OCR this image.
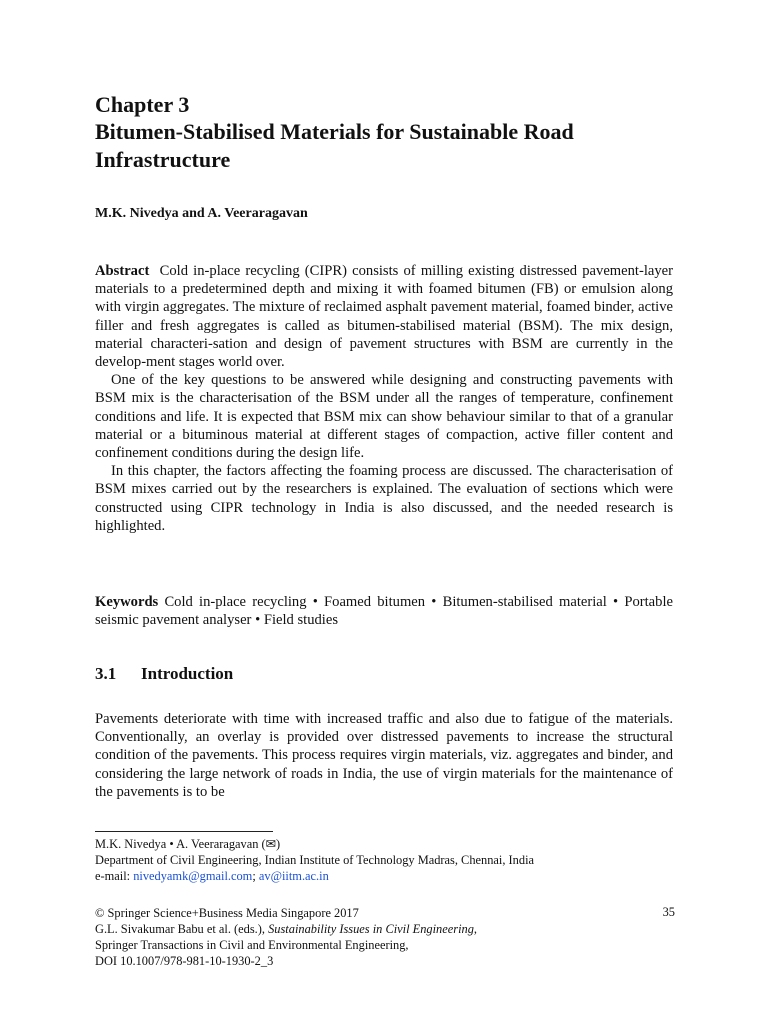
Chapter 3
Bitumen-Stabilised Materials for Sustainable Road Infrastructure
M.K. Nivedya and A. Veeraragavan

Abstract Cold in-place recycling (CIPR) consists of milling existing distressed pavement-layer materials to a predetermined depth and mixing it with foamed bitumen (FB) or emulsion along with virgin aggregates. The mixture of reclaimed asphalt pavement material, foamed binder, active filler and fresh aggregates is called as bitumen-stabilised material (BSM). The mix design, material characteri-sation and design of pavement structures with BSM are currently in the develop-ment stages world over.

One of the key questions to be answered while designing and constructing pavements with BSM mix is the characterisation of the BSM under all the ranges of temperature, confinement conditions and life. It is expected that BSM mix can show behaviour similar to that of a granular material or a bituminous material at different stages of compaction, active filler content and confinement conditions during the design life.

In this chapter, the factors affecting the foaming process are discussed. The characterisation of BSM mixes carried out by the researchers is explained. The evaluation of sections which were constructed using CIPR technology in India is also discussed, and the needed research is highlighted.

Keywords Cold in-place recycling • Foamed bitumen • Bitumen-stabilised material • Portable seismic pavement analyser • Field studies
3.1 Introduction

Pavements deteriorate with time with increased traffic and also due to fatigue of the materials. Conventionally, an overlay is provided over distressed pavements to increase the structural condition of the pavements. This process requires virgin materials, viz. aggregates and binder, and considering the large network of roads in India, the use of virgin materials for the maintenance of the pavements is to be

M.K. Nivedya • A. Veeraragavan (✉)
Department of Civil Engineering, Indian Institute of Technology Madras, Chennai, India
e-mail: nivedyamk@gmail.com; av@iitm.ac.in
© Springer Science+Business Media Singapore 2017
G.L. Sivakumar Babu et al. (eds.), Sustainability Issues in Civil Engineering,
Springer Transactions in Civil and Environmental Engineering,
DOI 10.1007/978-981-10-1930-2_3
35
